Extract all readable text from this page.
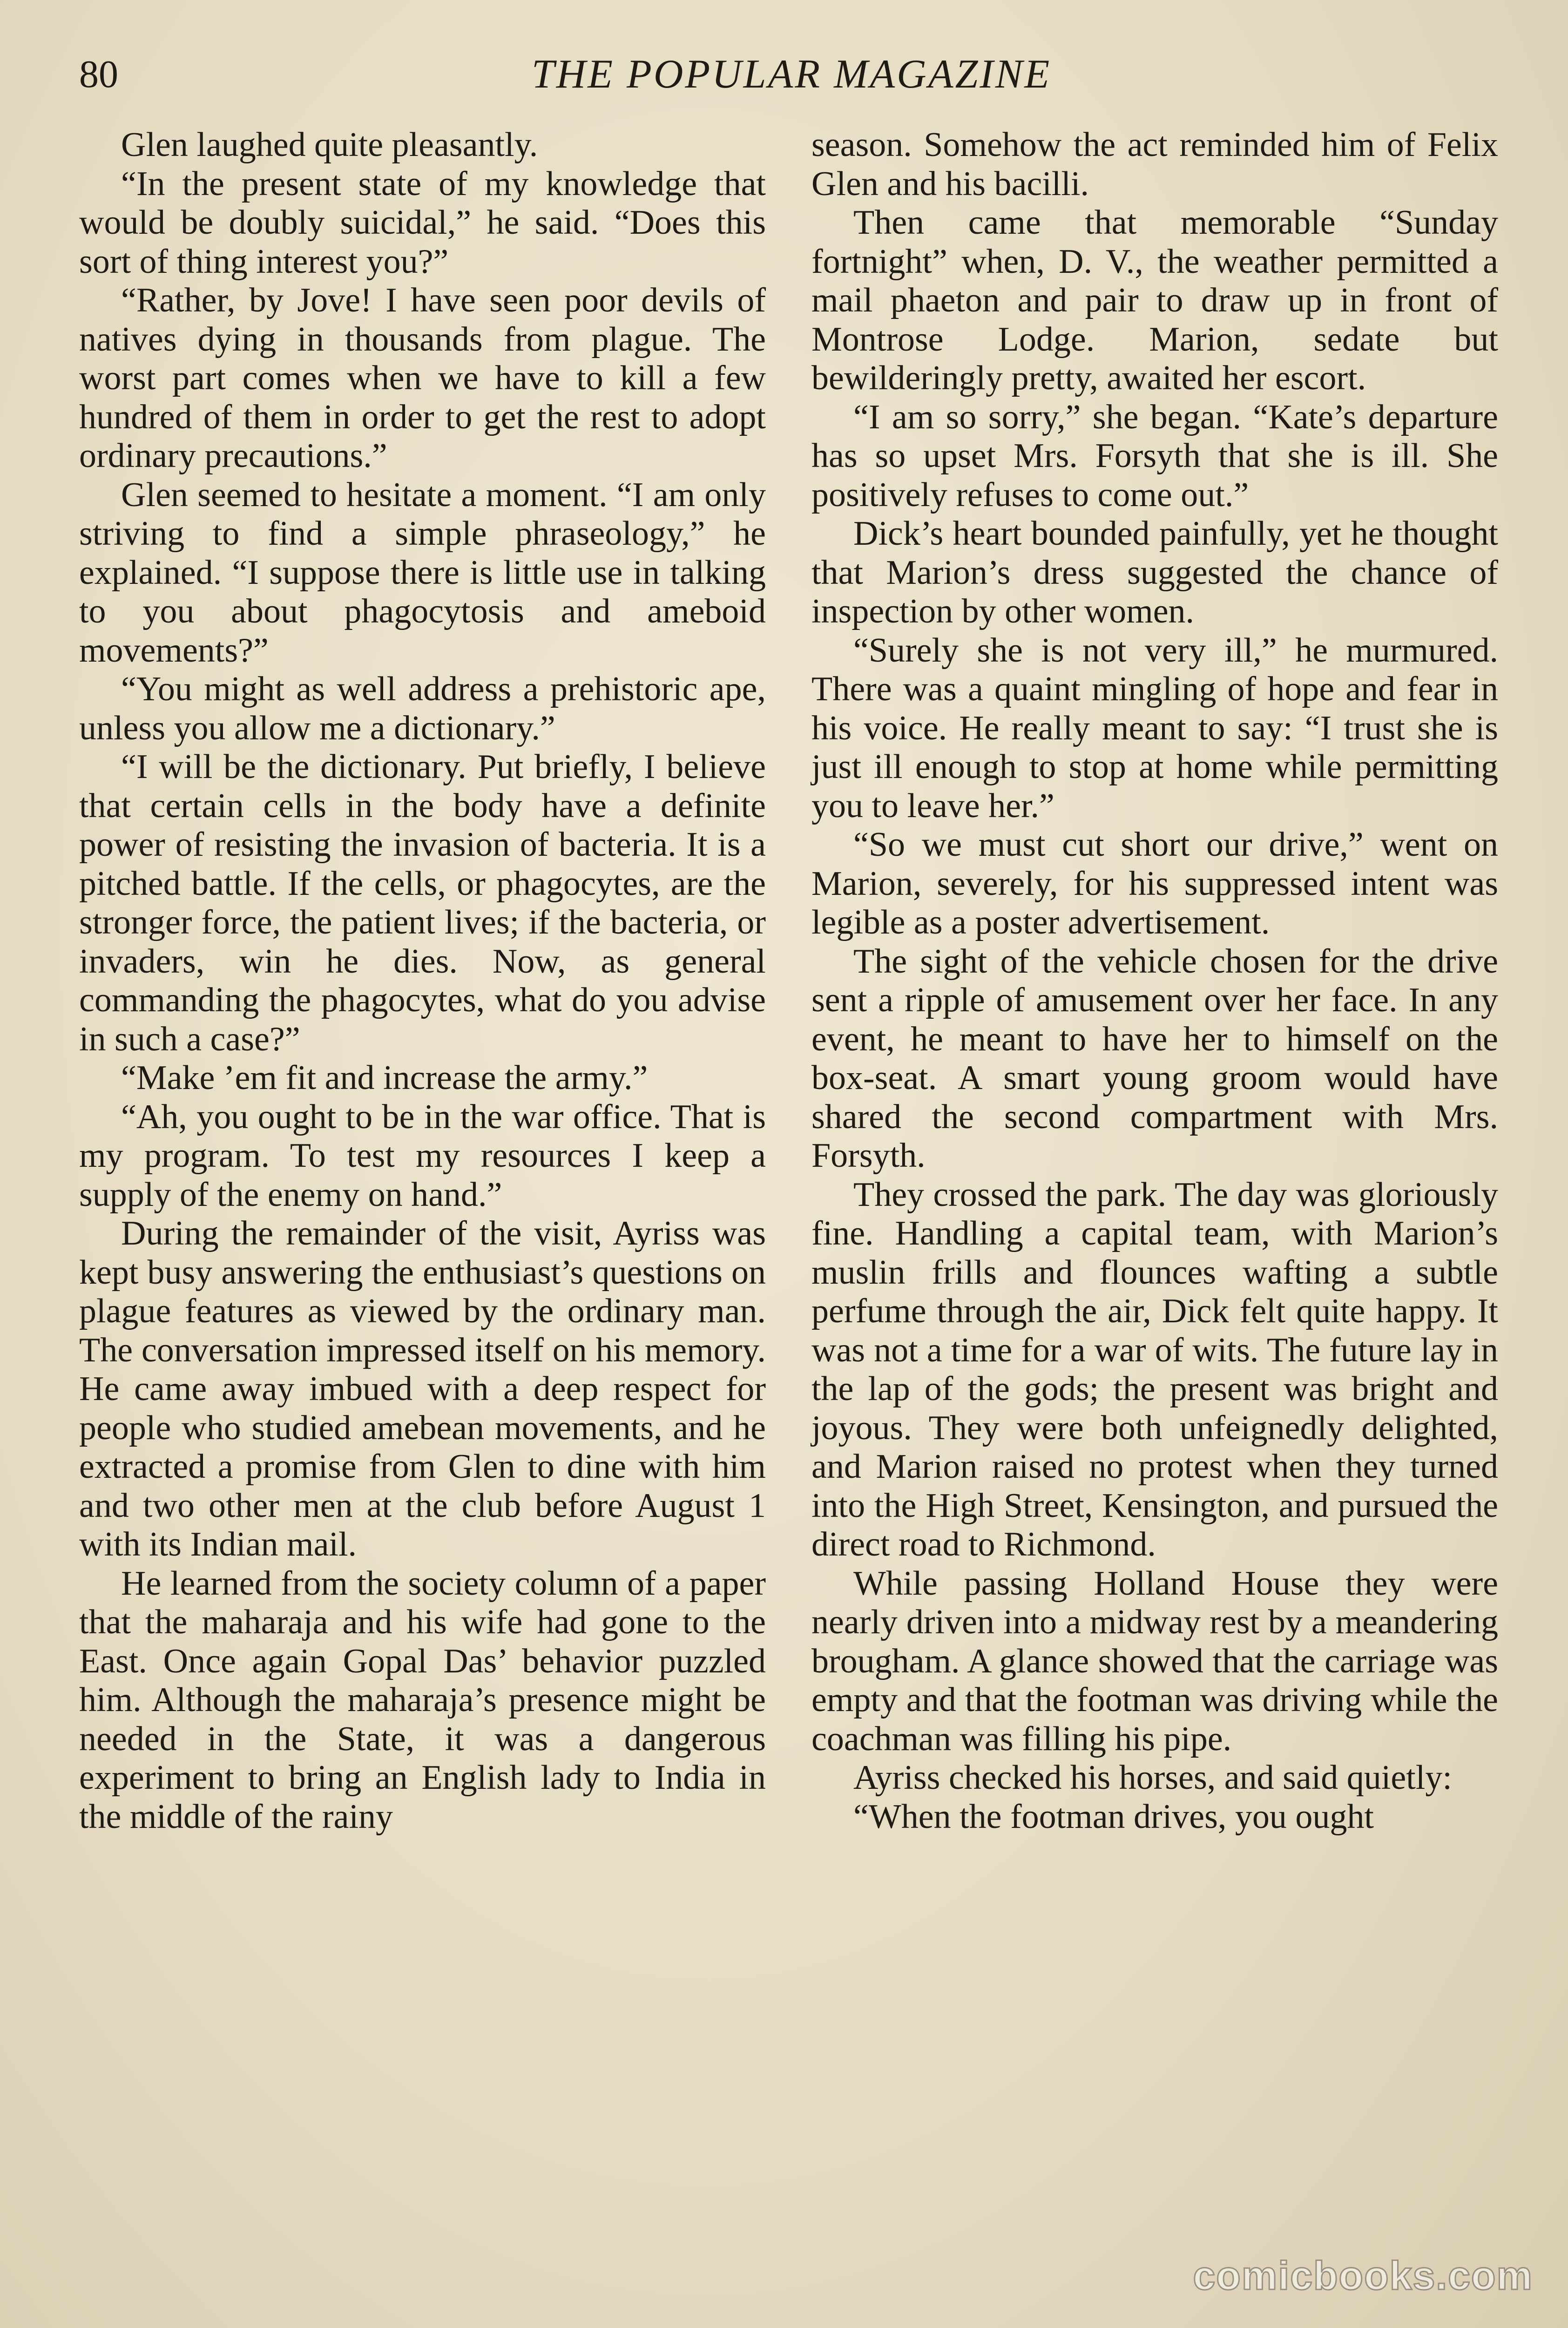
80	THE POPULAR MAGAZINE

Glen laughed quite pleasantly.

“In the present state of my knowledge that would be doubly suicidal,” he said. “Does this sort of thing interest you?”

“Rather, by Jove! I have seen poor devils of natives dying in thousands from plague. The worst part comes when we have to kill a few hundred of them in order to get the rest to adopt ordinary precautions.”

Glen seemed to hesitate a moment. “I am only striving to find a simple phraseology,” he explained. “I suppose there is little use in talking to you about phagocytosis and ameboid movements?”

“You might as well address a prehistoric ape, unless you allow me a dictionary.”

“I will be the dictionary. Put briefly, I believe that certain cells in the body have a definite power of resisting the invasion of bacteria. It is a pitched battle. If the cells, or phagocytes, are the stronger force, the patient lives; if the bacteria, or invaders, win he dies. Now, as general commanding the phagocytes, what do you advise in such a case?”

“Make ’em fit and increase the army.”

“Ah, you ought to be in the war office. That is my program. To test my resources I keep a supply of the enemy on hand.”

During the remainder of the visit, Ayriss was kept busy answering the enthusiast’s questions on plague features as viewed by the ordinary man. The conversation impressed itself on his memory. He came away imbued with a deep respect for people who studied amebean movements, and he extracted a promise from Glen to dine with him and two other men at the club before August 1 with its Indian mail.

He learned from the society column of a paper that the maharaja and his wife had gone to the East. Once again Gopal Das’ behavior puzzled him. Although the maharaja’s presence might be needed in the State, it was a dangerous experiment to bring an English lady to India in the middle of the rainy

season. Somehow the act reminded him of Felix Glen and his bacilli.

Then came that memorable “Sunday fortnight” when, D. V., the weather permitted a mail phaeton and pair to draw up in front of Montrose Lodge. Marion, sedate but bewilderingly pretty, awaited her escort.

“I am so sorry,” she began. “Kate’s departure has so upset Mrs. Forsyth that she is ill. She positively refuses to come out.”

Dick’s heart bounded painfully, yet he thought that Marion’s dress suggested the chance of inspection by other women.

“Surely she is not very ill,” he murmured. There was a quaint mingling of hope and fear in his voice. He really meant to say: “I trust she is just ill enough to stop at home while permitting you to leave her.”

“So we must cut short our drive,” went on Marion, severely, for his suppressed intent was legible as a poster advertisement.

The sight of the vehicle chosen for the drive sent a ripple of amusement over her face. In any event, he meant to have her to himself on the box-seat. A smart young groom would have shared the second compartment with Mrs. Forsyth.

They crossed the park. The day was gloriously fine. Handling a capital team, with Marion’s muslin frills and flounces wafting a subtle perfume through the air, Dick felt quite happy. It was not a time for a war of wits. The future lay in the lap of the gods; the present was bright and joyous. They were both unfeignedly delighted, and Marion raised no protest when they turned into the High Street, Kensington, and pursued the direct road to Richmond.

While passing Holland House they were nearly driven into a midway rest by a meandering brougham. A glance showed that the carriage was empty and that the footman was driving while the coachman was filling his pipe.

Ayriss checked his horses, and said quietly:

“When the footman drives, you ought

comicbooks.com
